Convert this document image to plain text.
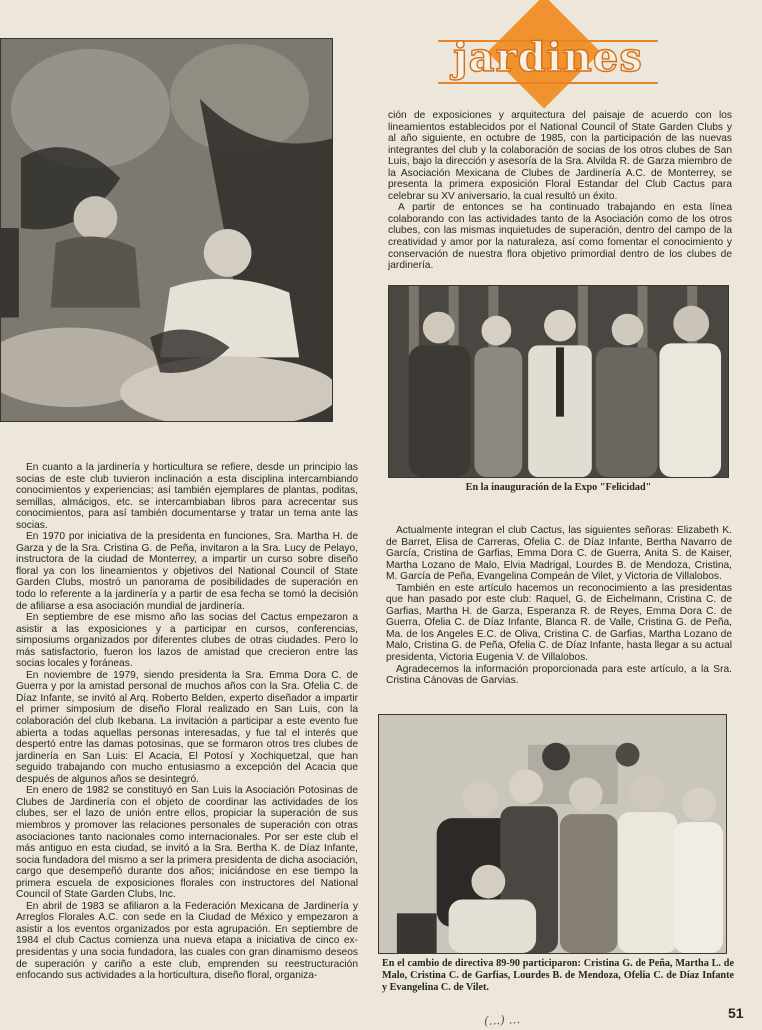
jardines

ción de exposiciones y arquitectura del paisaje de acuerdo con los lineamientos establecidos por el National Council of State Garden Clubs y al año siguiente, en octubre de 1985, con la participación de las nuevas integrantes del club y la colaboración de socias de los otros clubes de San Luis, bajo la dirección y asesoría de la Sra. Alvilda R. de Garza miembro de la Asociación Mexicana de Clubes de Jardinería A.C. de Monterrey, se presenta la primera exposición Floral Estandar del Club Cactus para celebrar su XV aniversario, la cual resultó un éxito.

A partir de entonces se ha continuado trabajando en esta línea colaborando con las actividades tanto de la Asociación como de los otros clubes, con las mismas inquietudes de superación, dentro del campo de la creatividad y amor por la naturaleza, así como fomentar el conocimiento y conservación de nuestra flora objetivo primordial dentro de los clubes de jardinería.

En la inauguración de la Expo "Felicidad"

En cuanto a la jardinería y horticultura se refiere, desde un principio las socias de este club tuvieron inclinación a esta disciplina intercambiando conocimientos y experiencias; así también ejemplares de plantas, poditas, semillas, almácigos, etc. se intercambiaban libros para acrecentar sus conocimientos, para así también documentarse y tratar un tema ante las socias.

En 1970 por iniciativa de la presidenta en funciones, Sra. Martha H. de Garza y de la Sra. Cristina G. de Peña, invitaron a la Sra. Lucy de Pelayo, instructora de la ciudad de Monterrey, a impartir un curso sobre diseño floral ya con los lineamientos y objetivos del National Council of State Garden Clubs, mostró un panorama de posibilidades de superación en todo lo referente a la jardinería y a partir de esa fecha se tomó la decisión de afiliarse a esa asociación mundial de jardinería.

En septiembre de ese mismo año las socias del Cactus empezaron a asistir a las exposiciones y a participar en cursos, conferencias, simposiums organizados por diferentes clubes de otras ciudades. Pero lo más satisfactorio, fueron los lazos de amistad que crecieron entre las socias locales y foráneas.

En noviembre de 1979, siendo presidenta la Sra. Emma Dora C. de Guerra y por la amistad personal de muchos años con la Sra. Ofelia C. de Díaz Infante, se invitó al Arq. Roberto Belden, experto diseñador a impartir el primer simposium de diseño Floral realizado en San Luis, con la colaboración del club Ikebana. La invitación a participar a este evento fue abierta a todas aquellas personas interesadas, y fue tal el interés que despertó entre las damas potosinas, que se formaron otros tres clubes de jardinería en San Luis: El Acacia, El Potosí y Xochiquetzal, que han seguido trabajando con mucho entusiasmo a excepción del Acacia que después de algunos años se desintegró.

En enero de 1982 se constituyó en San Luis la Asociación Potosinas de Clubes de Jardinería con el objeto de coordinar las actividades de los clubes, ser el lazo de unión entre ellos, propiciar la superación de sus miembros y promover las relaciones personales de superación con otras asociaciones tanto nacionales como internacionales. Por ser este club el más antiguo en esta ciudad, se invitó a la Sra. Bertha K. de Díaz Infante, socia fundadora del mismo a ser la primera presidenta de dicha asociación, cargo que desempeñó durante dos años; iniciándose en ese tiempo la primera escuela de exposiciones florales con instructores del National Council of State Garden Clubs, Inc.

En abril de 1983 se afiliaron a la Federación Mexicana de Jardinería y Arreglos Florales A.C. con sede en la Ciudad de México y empezaron a asistir a los eventos organizados por esta agrupación. En septiembre de 1984 el club Cactus comienza una nueva etapa a iniciativa de cinco ex-presidentas y una socia fundadora, las cuales con gran dinamismo deseos de superación y cariño a este club, emprenden su reestructuración enfocando sus actividades a la horticultura, diseño floral, organiza-

Actualmente integran el club Cactus, las siguientes señoras: Elizabeth K. de Barret, Elisa de Carreras, Ofelia C. de Díaz Infante, Bertha Navarro de García, Cristina de Garfias, Emma Dora C. de Guerra, Anita S. de Kaiser, Martha Lozano de Malo, Elvia Madrigal, Lourdes B. de Mendoza, Cristina, M. García de Peña, Evangelina Compeán de Vilet, y Victoria de Villalobos.

También en este artículo hacemos un reconocimiento a las presidentas que han pasado por este club: Raquel, G. de Eichelmann, Cristina C. de Garfias, Martha H. de Garza, Esperanza R. de Reyes, Emma Dora C. de Guerra, Ofelia C. de Díaz Infante, Blanca R. de Valle, Cristina G. de Peña, Ma. de los Angeles E.C. de Oliva, Cristina C. de Garfias, Martha Lozano de Malo, Cristina G. de Peña, Ofelia C. de Díaz Infante, hasta llegar a su actual presidenta, Victoria Eugenia V. de Villalobos.

Agradecemos la información proporcionada para este artículo, a la Sra. Cristina Cánovas de Garvias.

En el cambio de directiva 89-90 participaron: Cristina G. de Peña, Martha L. de Malo, Cristina C. de Garfias, Lourdes B. de Mendoza, Ofelia C. de Díaz Infante y Evangelina C. de Vilet.
(...) ...	51
